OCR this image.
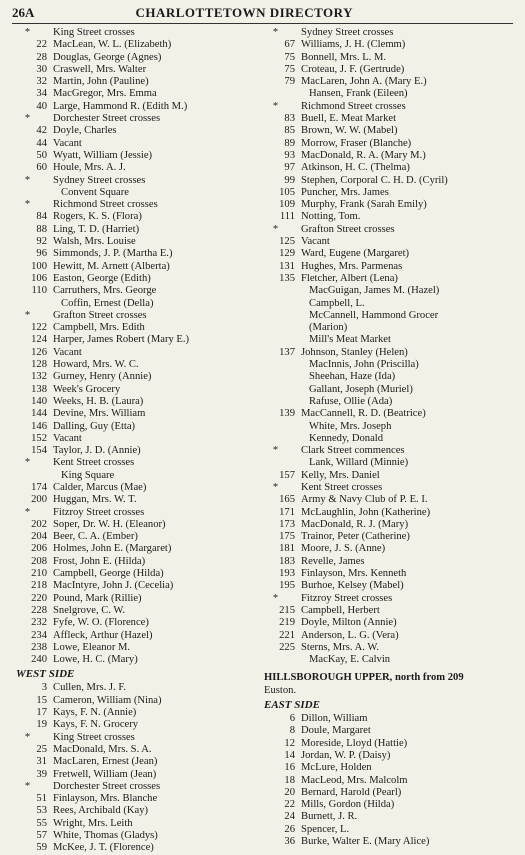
26A	CHARLOTTETOWN DIRECTORY
*	King Street crosses
22 MacLean, W. L. (Elizabeth)
28 Douglas, George (Agnes)
30 Craswell, Mrs. Walter
32 Martin, John (Pauline)
34 MacGregor, Mrs. Emma
40 Large, Hammond R. (Edith M.)
*	Dorchester Street crosses
42 Doyle, Charles
44 Vacant
50 Wyatt, William (Jessie)
60 Houle, Mrs. A. J.
*	Sydney Street crosses
Convent Square
*	Richmond Street crosses
84 Rogers, K. S. (Flora)
88 Ling, T. D. (Harriet)
92 Walsh, Mrs. Louise
96 Simmonds, J. P. (Martha E.)
100 Hewitt, M. Arnett (Alberta)
106 Easton, George (Edith)
110 Carruthers, Mrs. George
Coffin, Ernest (Della)
*	Grafton Street crosses
122 Campbell, Mrs. Edith
124 Harper, James Robert (Mary E.)
126 Vacant
128 Howard, Mrs. W. C.
132 Gurney, Henry (Annie)
138 Week's Grocery
140 Weeks, H. B. (Laura)
144 Devine, Mrs. William
146 Dalling, Guy (Etta)
152 Vacant
154 Taylor, J. D. (Annie)
*	Kent Street crosses
King Square
174 Calder, Marcus (Mae)
200 Huggan, Mrs. W. T.
*	Fitzroy Street crosses
202 Soper, Dr. W. H. (Eleanor)
204 Beer, C. A. (Ember)
206 Holmes, John E. (Margaret)
208 Frost, John E. (Hilda)
210 Campbell, George (Hilda)
218 MacIntyre, John J. (Cecelia)
220 Pound, Mark (Rillie)
228 Snelgrove, C. W.
232 Fyfe, W. O. (Florence)
234 Affleck, Arthur (Hazel)
238 Lowe, Eleanor M.
240 Lowe, H. C. (Mary)
WEST SIDE
3 Cullen, Mrs. J. F.
15 Cameron, William (Nina)
17 Kays, F. N. (Annie)
19 Kays, F. N. Grocery
*	King Street crosses
25 MacDonald, Mrs. S. A.
31 MacLaren, Ernest (Jean)
39 Fretwell, William (Jean)
*	Dorchester Street crosses
51 Finlayson, Mrs. Blanche
53 Rees, Archibald (Kay)
55 Wright, Mrs. Leith
57 White, Thomas (Gladys)
59 McKee, J. T. (Florence)
*	Sydney Street crosses
67 Williams, J. H. (Clemm)
75 Bonnell, Mrs. L. M.
75 Croteau, J. F. (Gertrude)
79 MacLaren, John A. (Mary E.)
Hansen, Frank (Eileen)
*	Richmond Street crosses
83 Buell, E. Meat Market
85 Brown, W. W. (Mabel)
89 Morrow, Fraser (Blanche)
93 MacDonald, R. A. (Mary M.)
97 Atkinson, H. C. (Thelma)
99 Stephen, Corporal C. H. D. (Cyril)
105 Puncher, Mrs. James
109 Murphy, Frank (Sarah Emily)
111 Notting, Tom.
*	Grafton Street crosses
125 Vacant
129 Ward, Eugene (Margaret)
131 Hughes, Mrs. Parmenas
135 Fletcher, Albert (Lena)
MacGuigan, James M. (Hazel)
Campbell, L.
McCannell, Hammond Grocer
(Marion)
Mill's Meat Market
137 Johnson, Stanley (Helen)
MacInnis, John (Priscilla)
Sheehan, Haze (Ida)
Gallant, Joseph (Muriel)
Rafuse, Ollie (Ada)
139 MacCannell, R. D. (Beatrice)
White, Mrs. Joseph
Kennedy, Donald
*	Clark Street commences
Lank, Willard (Minnie)
157 Kelly, Mrs. Daniel
*	Kent Street crosses
165 Army & Navy Club of P. E. I.
171 McLaughlin, John (Katherine)
173 MacDonald, R. J. (Mary)
175 Trainor, Peter (Catherine)
181 Moore, J. S. (Anne)
183 Revelle, James
193 Finlayson, Mrs. Kenneth
195 Burhoe, Kelsey (Mabel)
*	Fitzroy Street crosses
215 Campbell, Herbert
219 Doyle, Milton (Annie)
221 Anderson, L. G. (Vera)
225 Sterns, Mrs. A. W.
MacKay, E. Calvin
HILLSBOROUGH UPPER, north from 209
Euston.
EAST SIDE
6 Dillon, William
8 Doule, Margaret
12 Moreside, Lloyd (Hattie)
14 Jordan, W. P. (Daisy)
16 McLure, Holden
18 MacLeod, Mrs. Malcolm
20 Bernard, Harold (Pearl)
22 Mills, Gordon (Hilda)
24 Burnett, J. R.
26 Spencer, L.
36 Burke, Walter E. (Mary Alice)
